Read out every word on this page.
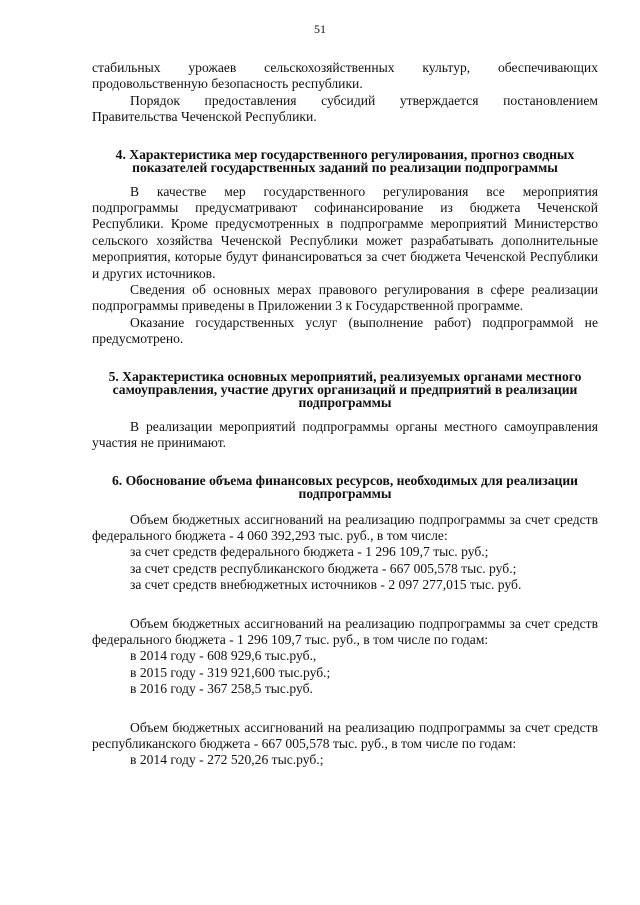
51

стабильных урожаев сельскохозяйственных культур, обеспечивающих продовольственную безопасность республики.

Порядок предоставления субсидий утверждается постановлением Правительства Чеченской Республики.

4. Характеристика мер государственного регулирования, прогноз сводных показателей государственных заданий по реализации подпрограммы

В качестве мер государственного регулирования все мероприятия подпрограммы предусматривают софинансирование из бюджета Чеченской Республики. Кроме предусмотренных в подпрограмме мероприятий Министерство сельского хозяйства Чеченской Республики может разрабатывать дополнительные мероприятия, которые будут финансироваться за счет бюджета Чеченской Республики и других источников.

Сведения об основных мерах правового регулирования в сфере реализации подпрограммы приведены в Приложении 3 к Государственной программе.

Оказание государственных услуг (выполнение работ) подпрограммой не предусмотрено.

5. Характеристика основных мероприятий, реализуемых органами местного самоуправления, участие других организаций и предприятий в реализации подпрограммы

В реализации мероприятий подпрограммы органы местного самоуправления участия не принимают.

6. Обоснование объема финансовых ресурсов, необходимых для реализации подпрограммы

Объем бюджетных ассигнований на реализацию подпрограммы за счет средств федерального бюджета - 4 060 392,293 тыс. руб., в том числе:

за счет средств федерального бюджета - 1 296 109,7 тыс. руб.;

за счет средств республиканского бюджета - 667 005,578 тыс. руб.;

за счет средств внебюджетных источников - 2 097 277,015 тыс. руб.

Объем бюджетных ассигнований на реализацию подпрограммы за счет средств федерального бюджета - 1 296 109,7 тыс. руб., в том числе по годам:

в 2014 году - 608 929,6 тыс.руб.,

в 2015 году - 319 921,600 тыс.руб.;

в 2016 году - 367 258,5 тыс.руб.

Объем бюджетных ассигнований на реализацию подпрограммы за счет средств республиканского бюджета - 667 005,578 тыс. руб., в том числе по годам:

в 2014 году - 272 520,26 тыс.руб.;
